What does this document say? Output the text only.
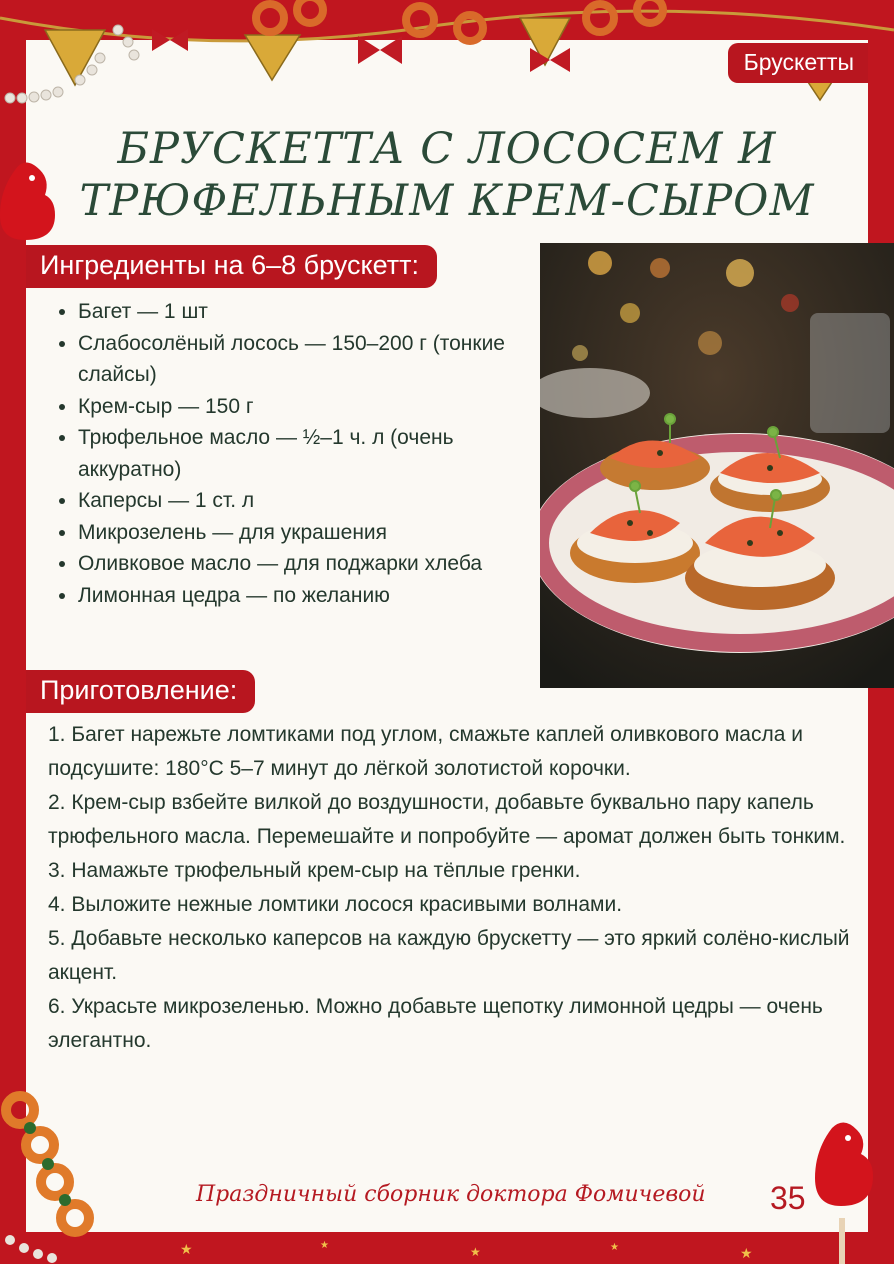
★	★	★	★	★
Брускетты
БРУСКЕТТА С ЛОСОСЕМ И
ТРЮФЕЛЬНЫМ КРЕМ-СЫРОМ
Ингредиенты на 6–8 брускетт:
• Багет — 1 шт
• Слабосолёный лосось — 150–200 г (тонкие слайсы)
• Крем-сыр — 150 г
• Трюфельное масло — ½–1 ч. л (очень аккуратно)
• Каперсы — 1 ст. л
• Микрозелень — для украшения
• Оливковое масло — для поджарки хлеба
• Лимонная цедра — по желанию
Приготовление:

1. Багет нарежьте ломтиками под углом, смажьте каплей оливкового масла и подсушите: 180°C 5–7 минут до лёгкой золотистой корочки.

2. Крем-сыр взбейте вилкой до воздушности, добавьте буквально пару капель трюфельного масла. Перемешайте и попробуйте — аромат должен быть тонким.

3. Намажьте трюфельный крем-сыр на тёплые гренки.

4. Выложите нежные ломтики лосося красивыми волнами.

5. Добавьте несколько каперсов на каждую брускетту — это яркий солёно-кислый акцент.

6. Украсьте микрозеленью. Можно добавьте щепотку лимонной цедры — очень элегантно.

Праздничный сборник доктора Фомичевой 35
